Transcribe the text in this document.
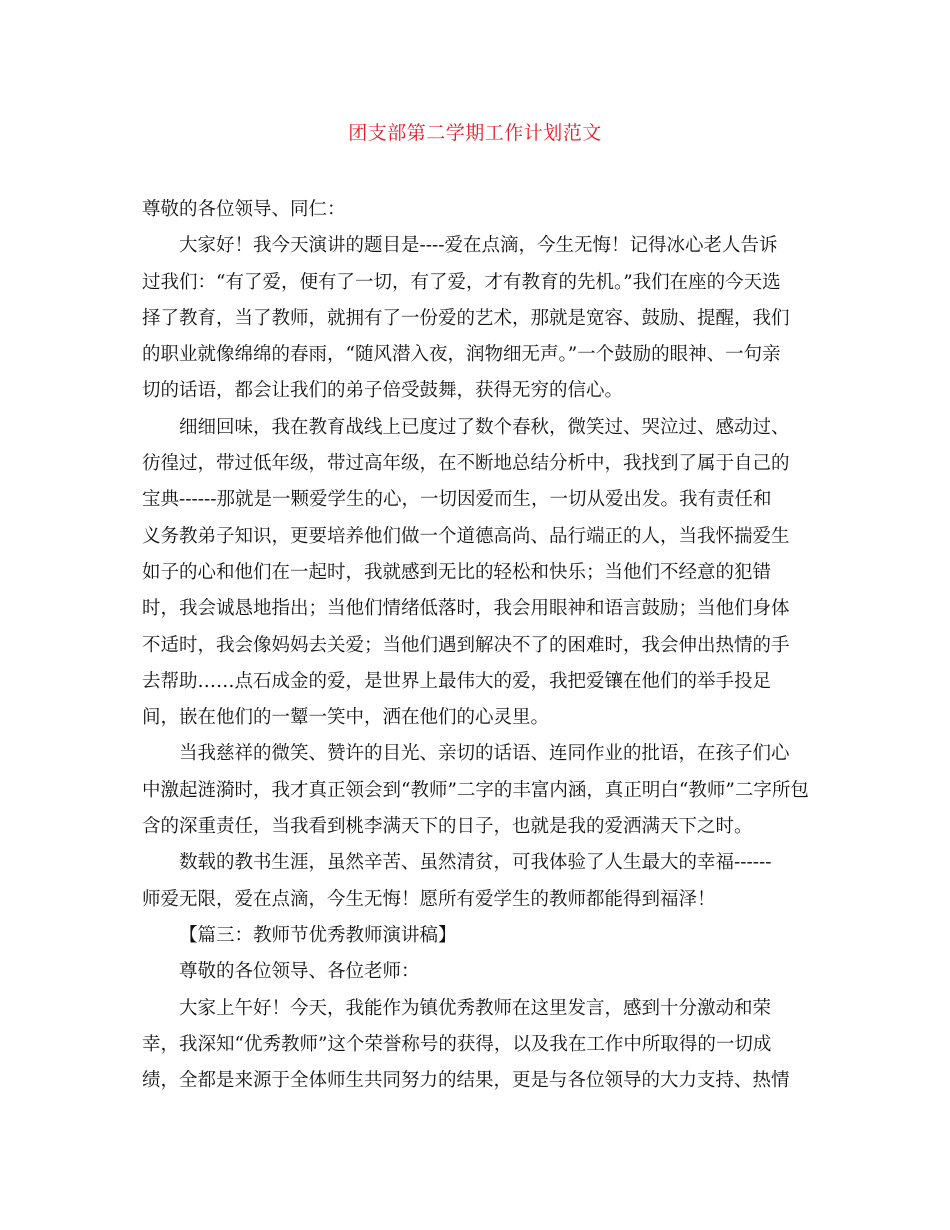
团支部第二学期工作计划范文
尊敬的各位领导、同仁：
大家好！我今天演讲的题目是----爱在点滴，今生无悔！记得冰心老人告诉
过我们：“有了爱，便有了一切，有了爱，才有教育的先机。”我们在座的今天选
择了教育，当了教师，就拥有了一份爱的艺术，那就是宽容、鼓励、提醒，我们
的职业就像绵绵的春雨，“随风潜入夜，润物细无声。”一个鼓励的眼神、一句亲
切的话语，都会让我们的弟子倍受鼓舞，获得无穷的信心。
细细回味，我在教育战线上已度过了数个春秋，微笑过、哭泣过、感动过、
彷徨过，带过低年级，带过高年级，在不断地总结分析中，我找到了属于自己的
宝典------那就是一颗爱学生的心，一切因爱而生，一切从爱出发。我有责任和
义务教弟子知识，更要培养他们做一个道德高尚、品行端正的人，当我怀揣爱生
如子的心和他们在一起时，我就感到无比的轻松和快乐；当他们不经意的犯错
时，我会诚恳地指出；当他们情绪低落时，我会用眼神和语言鼓励；当他们身体
不适时，我会像妈妈去关爱；当他们遇到解决不了的困难时，我会伸出热情的手
去帮助……点石成金的爱，是世界上最伟大的爱，我把爱镶在他们的举手投足
间，嵌在他们的一颦一笑中，洒在他们的心灵里。
当我慈祥的微笑、赞许的目光、亲切的话语、连同作业的批语，在孩子们心
中激起涟漪时，我才真正领会到“教师”二字的丰富内涵，真正明白“教师”二字所包
含的深重责任，当我看到桃李满天下的日子，也就是我的爱洒满天下之时。
数载的教书生涯，虽然辛苦、虽然清贫，可我体验了人生最大的幸福------
师爱无限，爱在点滴，今生无悔！愿所有爱学生的教师都能得到福泽！
【篇三：教师节优秀教师演讲稿】
尊敬的各位领导、各位老师：
大家上午好！今天，我能作为镇优秀教师在这里发言，感到十分激动和荣
幸，我深知“优秀教师”这个荣誉称号的获得，以及我在工作中所取得的一切成
绩，全都是来源于全体师生共同努力的结果，更是与各位领导的大力支持、热情
